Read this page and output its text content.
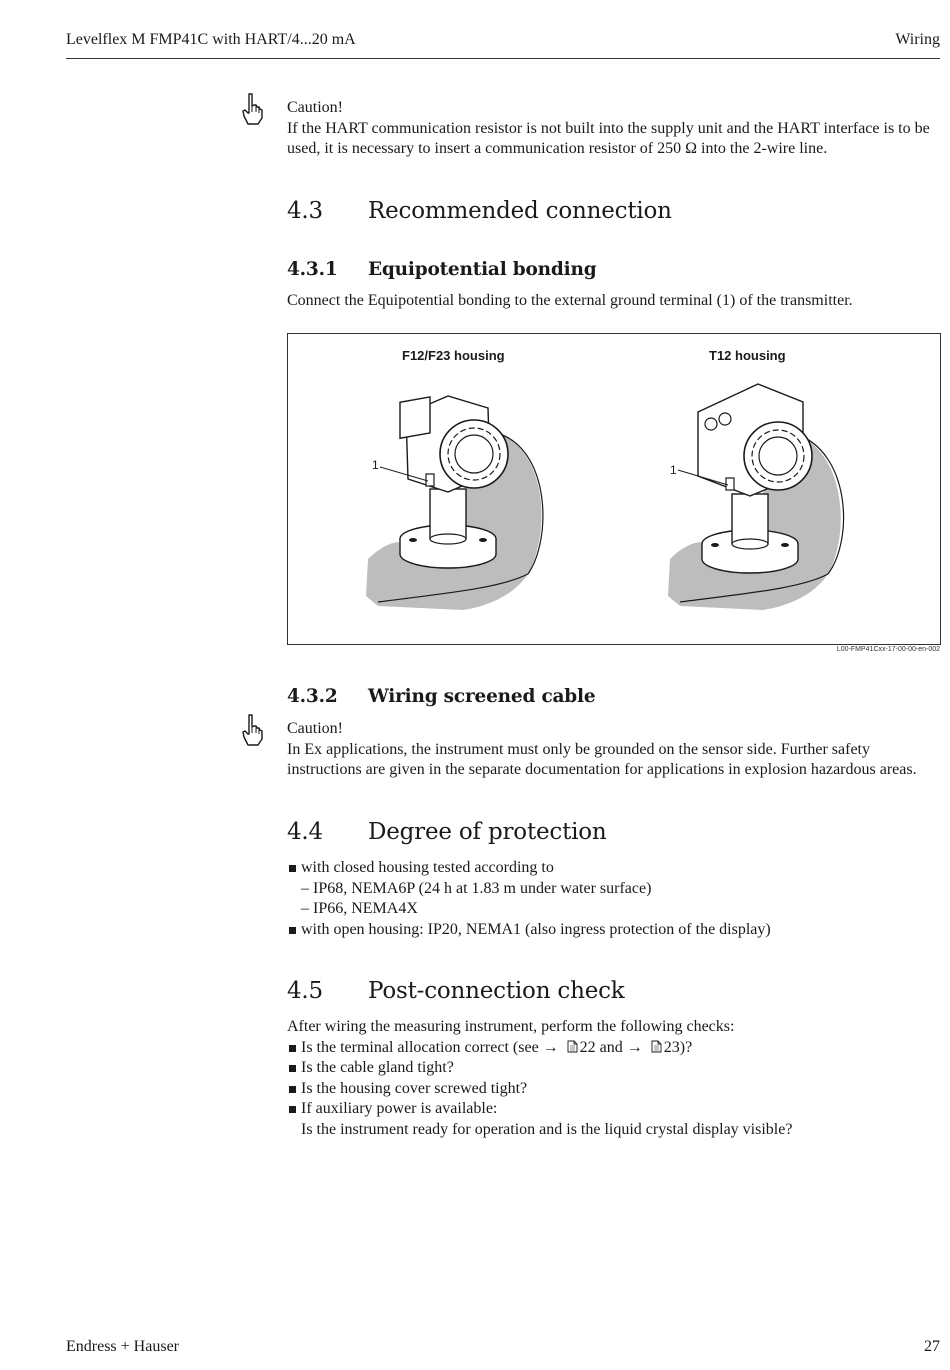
Levelflex M FMP41C with HART/4...20 mA	Wiring
Caution!
If the HART communication resistor is not built into the supply unit and the HART interface is to be used, it is necessary to insert a communication resistor of 250 Ω into the 2-wire line.
4.3 Recommended connection
4.3.1 Equipotential bonding
Connect the Equipotential bonding to the external ground terminal (1) of the transmitter.
F12/F23 housing	T12 housing
1	1
L00-FMP41Cxx-17-00-00-en-002
4.3.2 Wiring screened cable
Caution!
In Ex applications, the instrument must only be grounded on the sensor side. Further safety instructions are given in the separate documentation for applications in explosion hazardous areas.
4.4 Degree of protection
with closed housing tested according to
– IP68, NEMA6P (24 h at 1.83 m under water surface)
– IP66, NEMA4X
with open housing: IP20, NEMA1 (also ingress protection of the display)
4.5 Post-connection check
After wiring the measuring instrument, perform the following checks:
Is the terminal allocation correct (see → 22 and → 23)?
Is the cable gland tight?
Is the housing cover screwed tight?
If auxiliary power is available:
Is the instrument ready for operation and is the liquid crystal display visible?
Endress + Hauser	27
